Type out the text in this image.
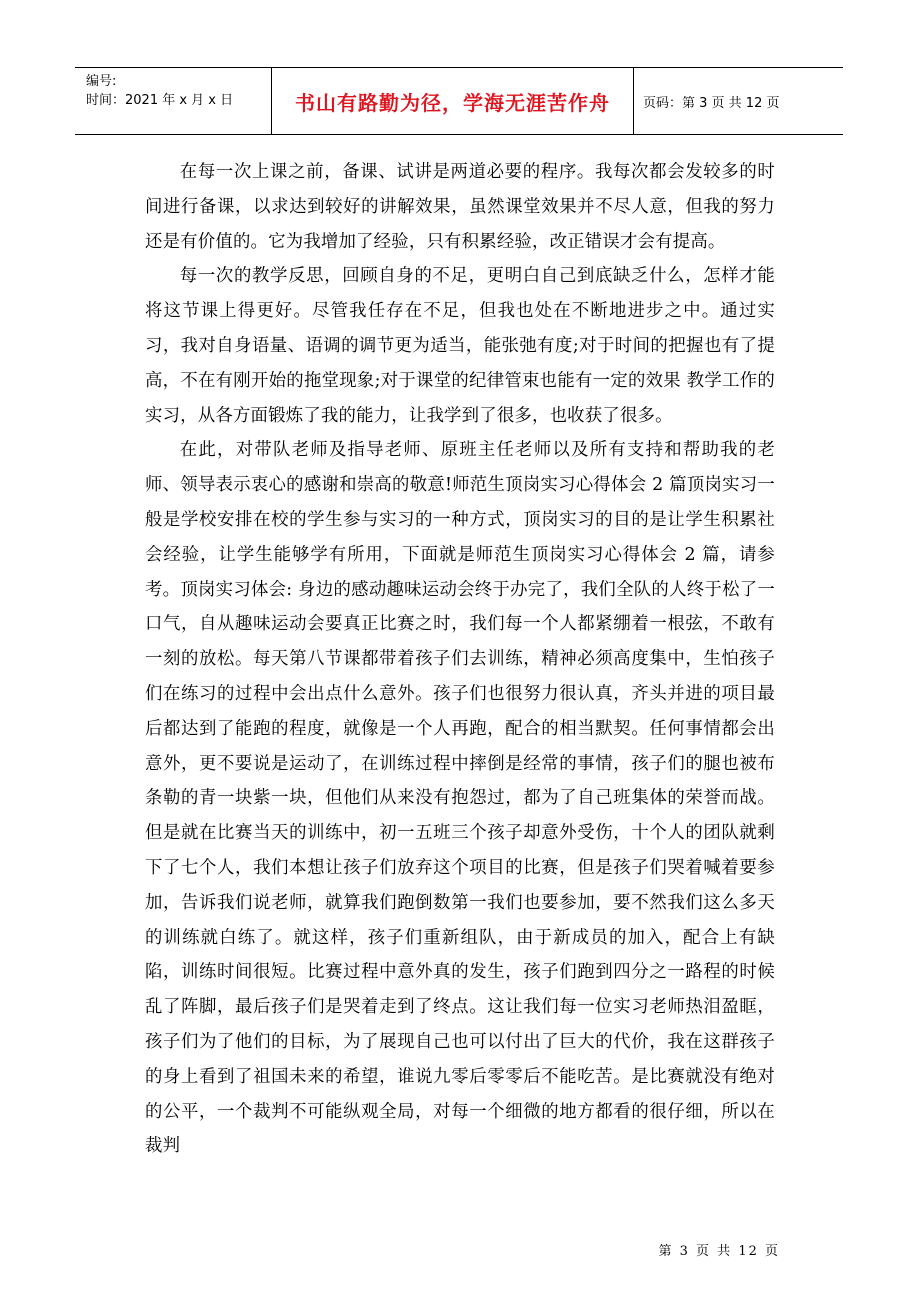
编号:
时间：2021 年 x 月 x 日	书山有路勤为径，学海无涯苦作舟	页码：第 3 页 共 12 页

在每一次上课之前，备课、试讲是两道必要的程序。我每次都会发较多的时间进行备课，以求达到较好的讲解效果，虽然课堂效果并不尽人意，但我的努力还是有价值的。它为我增加了经验，只有积累经验，改正错误才会有提高。

每一次的教学反思，回顾自身的不足，更明白自己到底缺乏什么，怎样才能将这节课上得更好。尽管我任存在不足，但我也处在不断地进步之中。通过实习，我对自身语量、语调的调节更为适当，能张弛有度;对于时间的把握也有了提高，不在有刚开始的拖堂现象;对于课堂的纪律管束也能有一定的效果 教学工作的实习，从各方面锻炼了我的能力，让我学到了很多，也收获了很多。

在此，对带队老师及指导老师、原班主任老师以及所有支持和帮助我的老师、领导表示衷心的感谢和崇高的敬意!师范生顶岗实习心得体会 2 篇顶岗实习一般是学校安排在校的学生参与实习的一种方式，顶岗实习的目的是让学生积累社会经验，让学生能够学有所用，下面就是师范生顶岗实习心得体会 2 篇，请参考。顶岗实习体会: 身边的感动趣味运动会终于办完了，我们全队的人终于松了一口气，自从趣味运动会要真正比赛之时，我们每一个人都紧绷着一根弦，不敢有一刻的放松。每天第八节课都带着孩子们去训练，精神必须高度集中，生怕孩子们在练习的过程中会出点什么意外。孩子们也很努力很认真，齐头并进的项目最后都达到了能跑的程度，就像是一个人再跑，配合的相当默契。任何事情都会出意外，更不要说是运动了，在训练过程中摔倒是经常的事情，孩子们的腿也被布条勒的青一块紫一块，但他们从来没有抱怨过，都为了自己班集体的荣誉而战。但是就在比赛当天的训练中，初一五班三个孩子却意外受伤，十个人的团队就剩下了七个人，我们本想让孩子们放弃这个项目的比赛，但是孩子们哭着喊着要参加，告诉我们说老师，就算我们跑倒数第一我们也要参加，要不然我们这么多天的训练就白练了。就这样，孩子们重新组队，由于新成员的加入，配合上有缺陷，训练时间很短。比赛过程中意外真的发生，孩子们跑到四分之一路程的时候乱了阵脚，最后孩子们是哭着走到了终点。这让我们每一位实习老师热泪盈眶，孩子们为了他们的目标，为了展现自己也可以付出了巨大的代价，我在这群孩子的身上看到了祖国未来的希望，谁说九零后零零后不能吃苦。是比赛就没有绝对的公平，一个裁判不可能纵观全局，对每一个细微的地方都看的很仔细，所以在裁判

第 3 页 共 12 页
